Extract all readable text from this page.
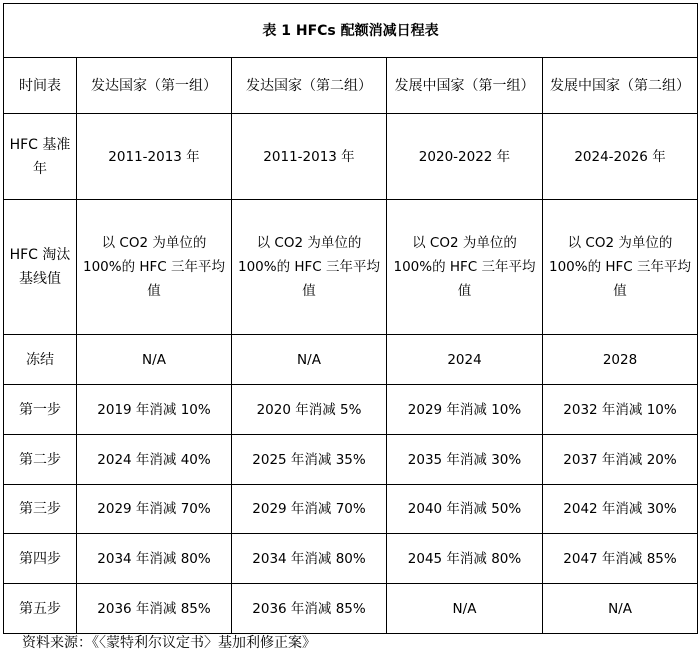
表 1 HFCs 配额消减日程表				
时间表	发达国家（第一组）	发达国家（第二组）	发展中国家（第一组）	发展中国家（第二组）
HFC 基准年	2011-2013 年	2011-2013 年	2020-2022 年	2024-2026 年
HFC 淘汰基线值	以 CO2 为单位的 100%的 HFC 三年平均值	以 CO2 为单位的 100%的 HFC 三年平均值	以 CO2 为单位的 100%的 HFC 三年平均值	以 CO2 为单位的 100%的 HFC 三年平均值
冻结	N/A	N/A	2024	2028
第一步	2019 年消减 10%	2020 年消减 5%	2029 年消减 10%	2032 年消减 10%
第二步	2024 年消减 40%	2025 年消减 35%	2035 年消减 30%	2037 年消减 20%
第三步	2029 年消减 70%	2029 年消减 70%	2040 年消减 50%	2042 年消减 30%
第四步	2034 年消减 80%	2034 年消减 80%	2045 年消减 80%	2047 年消减 85%
第五步	2036 年消减 85%	2036 年消减 85%	N/A	N/A
资料来源：《〈蒙特利尔议定书〉基加利修正案》
